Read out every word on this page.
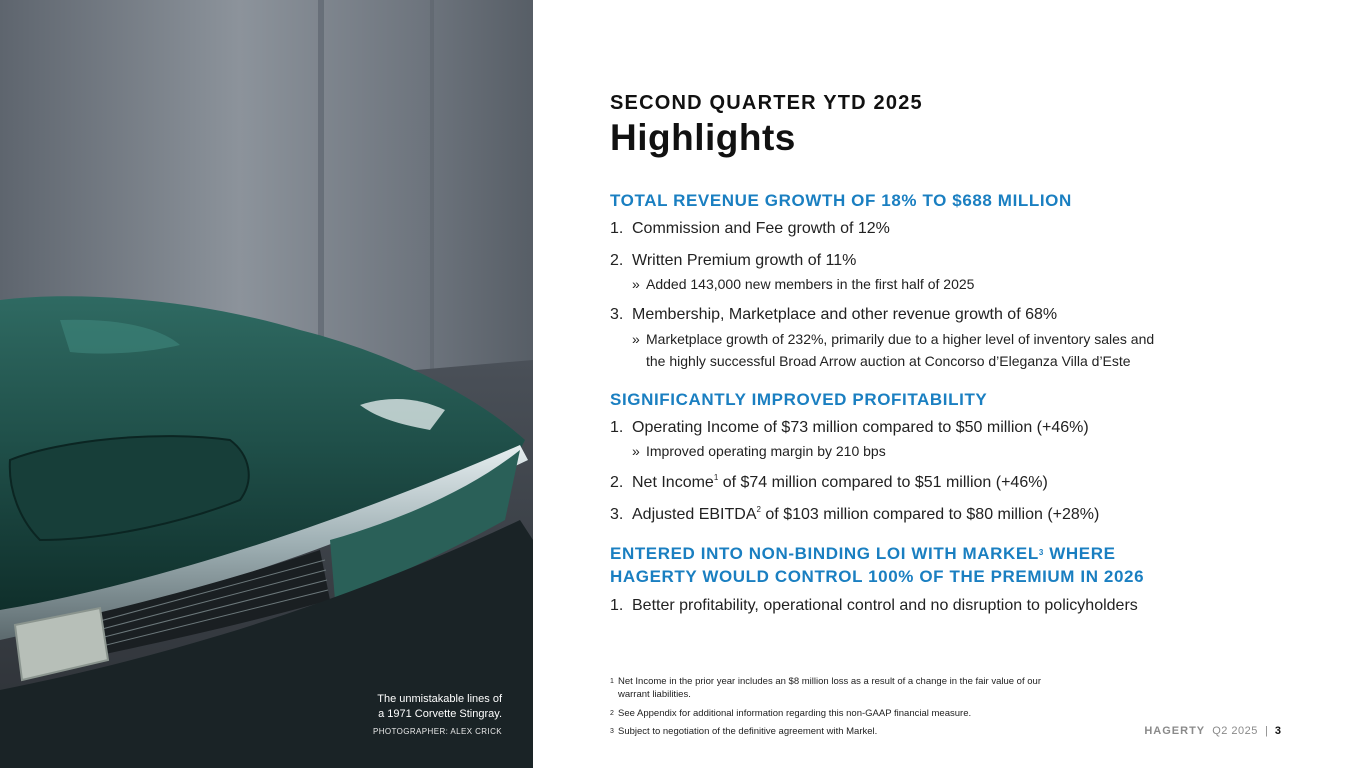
The unmistakable lines of
a 1971 Corvette Stingray.
PHOTOGRAPHER: ALEX CRICK
SECOND QUARTER YTD 2025
Highlights
TOTAL REVENUE GROWTH OF 18% TO $688 MILLION
1. Commission and Fee growth of 12%
2. Written Premium growth of 11%
» Added 143,000 new members in the first half of 2025
3. Membership, Marketplace and other revenue growth of 68%
» Marketplace growth of 232%, primarily due to a higher level of inventory sales and
the highly successful Broad Arrow auction at Concorso d’Eleganza Villa d’Este
SIGNIFICANTLY IMPROVED PROFITABILITY
1. Operating Income of $73 million compared to $50 million (+46%)
» Improved operating margin by 210 bps
2. Net Income$^1$ of $74 million compared to $51 million (+46%)
3. Adjusted EBITDA$^2$ of $103 million compared to $80 million (+28%)
ENTERED INTO NON-BINDING LOI WITH MARKEL$^3$ WHERE
HAGERTY WOULD CONTROL 100% OF THE PREMIUM IN 2026
1. Better profitability, operational control and no disruption to policyholders
1 Net Income in the prior year includes an $8 million loss as a result of a change in the fair value of our
warrant liabilities.
2 See Appendix for additional information regarding this non-GAAP financial measure.
3 Subject to negotiation of the definitive agreement with Markel.	HAGERTY Q2 2025 | 3
